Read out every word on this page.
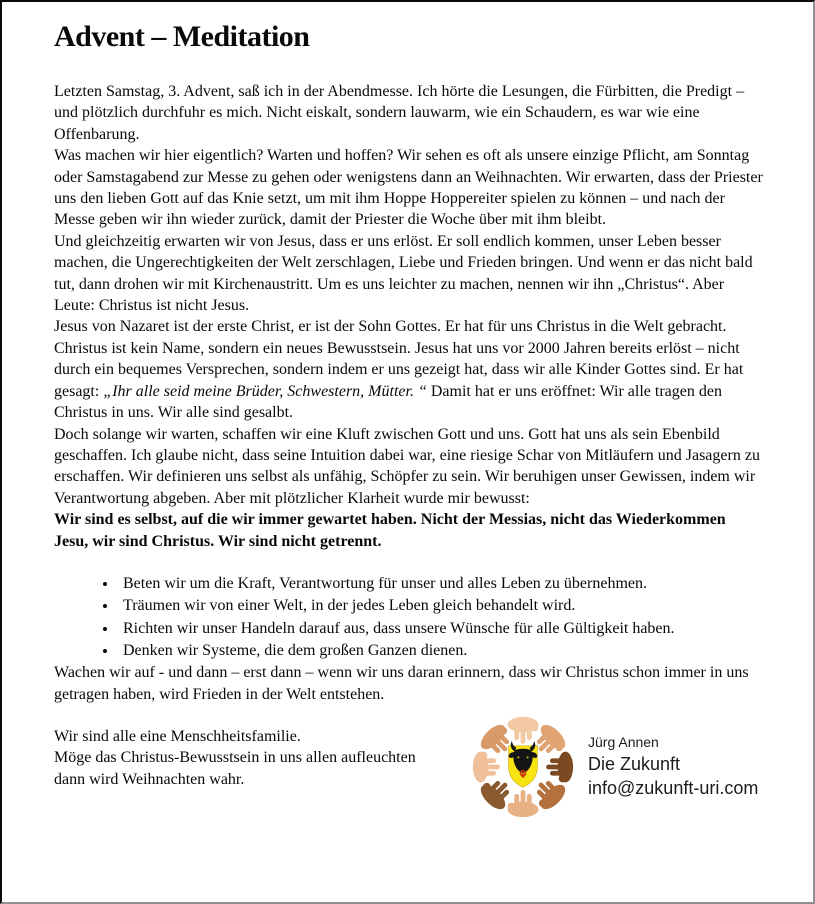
Advent – Meditation

Letzten Samstag, 3. Advent, saß ich in der Abendmesse. Ich hörte die Lesungen, die Fürbitten, die Predigt – und plötzlich durchfuhr es mich. Nicht eiskalt, sondern lauwarm, wie ein Schaudern, es war wie eine Offenbarung.

Was machen wir hier eigentlich? Warten und hoffen? Wir sehen es oft als unsere einzige Pflicht, am Sonntag oder Samstagabend zur Messe zu gehen oder wenigstens dann an Weihnachten. Wir erwarten, dass der Priester uns den lieben Gott auf das Knie setzt, um mit ihm Hoppe Hoppereiter spielen zu können – und nach der Messe geben wir ihn wieder zurück, damit der Priester die Woche über mit ihm bleibt.

Und gleichzeitig erwarten wir von Jesus, dass er uns erlöst. Er soll endlich kommen, unser Leben besser machen, die Ungerechtigkeiten der Welt zerschlagen, Liebe und Frieden bringen. Und wenn er das nicht bald tut, dann drohen wir mit Kirchenaustritt. Um es uns leichter zu machen, nennen wir ihn „Christus“. Aber Leute: Christus ist nicht Jesus.

Jesus von Nazaret ist der erste Christ, er ist der Sohn Gottes. Er hat für uns Christus in die Welt gebracht. Christus ist kein Name, sondern ein neues Bewusstsein. Jesus hat uns vor 2000 Jahren bereits erlöst – nicht durch ein bequemes Versprechen, sondern indem er uns gezeigt hat, dass wir alle Kinder Gottes sind. Er hat gesagt: „Ihr alle seid meine Brüder, Schwestern, Mütter. “ Damit hat er uns eröffnet: Wir alle tragen den Christus in uns. Wir alle sind gesalbt.

Doch solange wir warten, schaffen wir eine Kluft zwischen Gott und uns. Gott hat uns als sein Ebenbild geschaffen. Ich glaube nicht, dass seine Intuition dabei war, eine riesige Schar von Mitläufern und Jasagern zu erschaffen. Wir definieren uns selbst als unfähig, Schöpfer zu sein. Wir beruhigen unser Gewissen, indem wir Verantwortung abgeben. Aber mit plötzlicher Klarheit wurde mir bewusst:

Wir sind es selbst, auf die wir immer gewartet haben. Nicht der Messias, nicht das Wiederkommen Jesu, wir sind Christus. Wir sind nicht getrennt.

• Beten wir um die Kraft, Verantwortung für unser und alles Leben zu übernehmen.
• Träumen wir von einer Welt, in der jedes Leben gleich behandelt wird.
• Richten wir unser Handeln darauf aus, dass unsere Wünsche für alle Gültigkeit haben.
• Denken wir Systeme, die dem großen Ganzen dienen.

Wachen wir auf - und dann – erst dann – wenn wir uns daran erinnern, dass wir Christus schon immer in uns getragen haben, wird Frieden in der Welt entstehen.

Wir sind alle eine Menschheitsfamilie.

Möge das Christus-Bewusstsein in uns allen aufleuchten

dann wird Weihnachten wahr.

Jürg Annen

Die Zukunft

info@zukunft-uri.com
